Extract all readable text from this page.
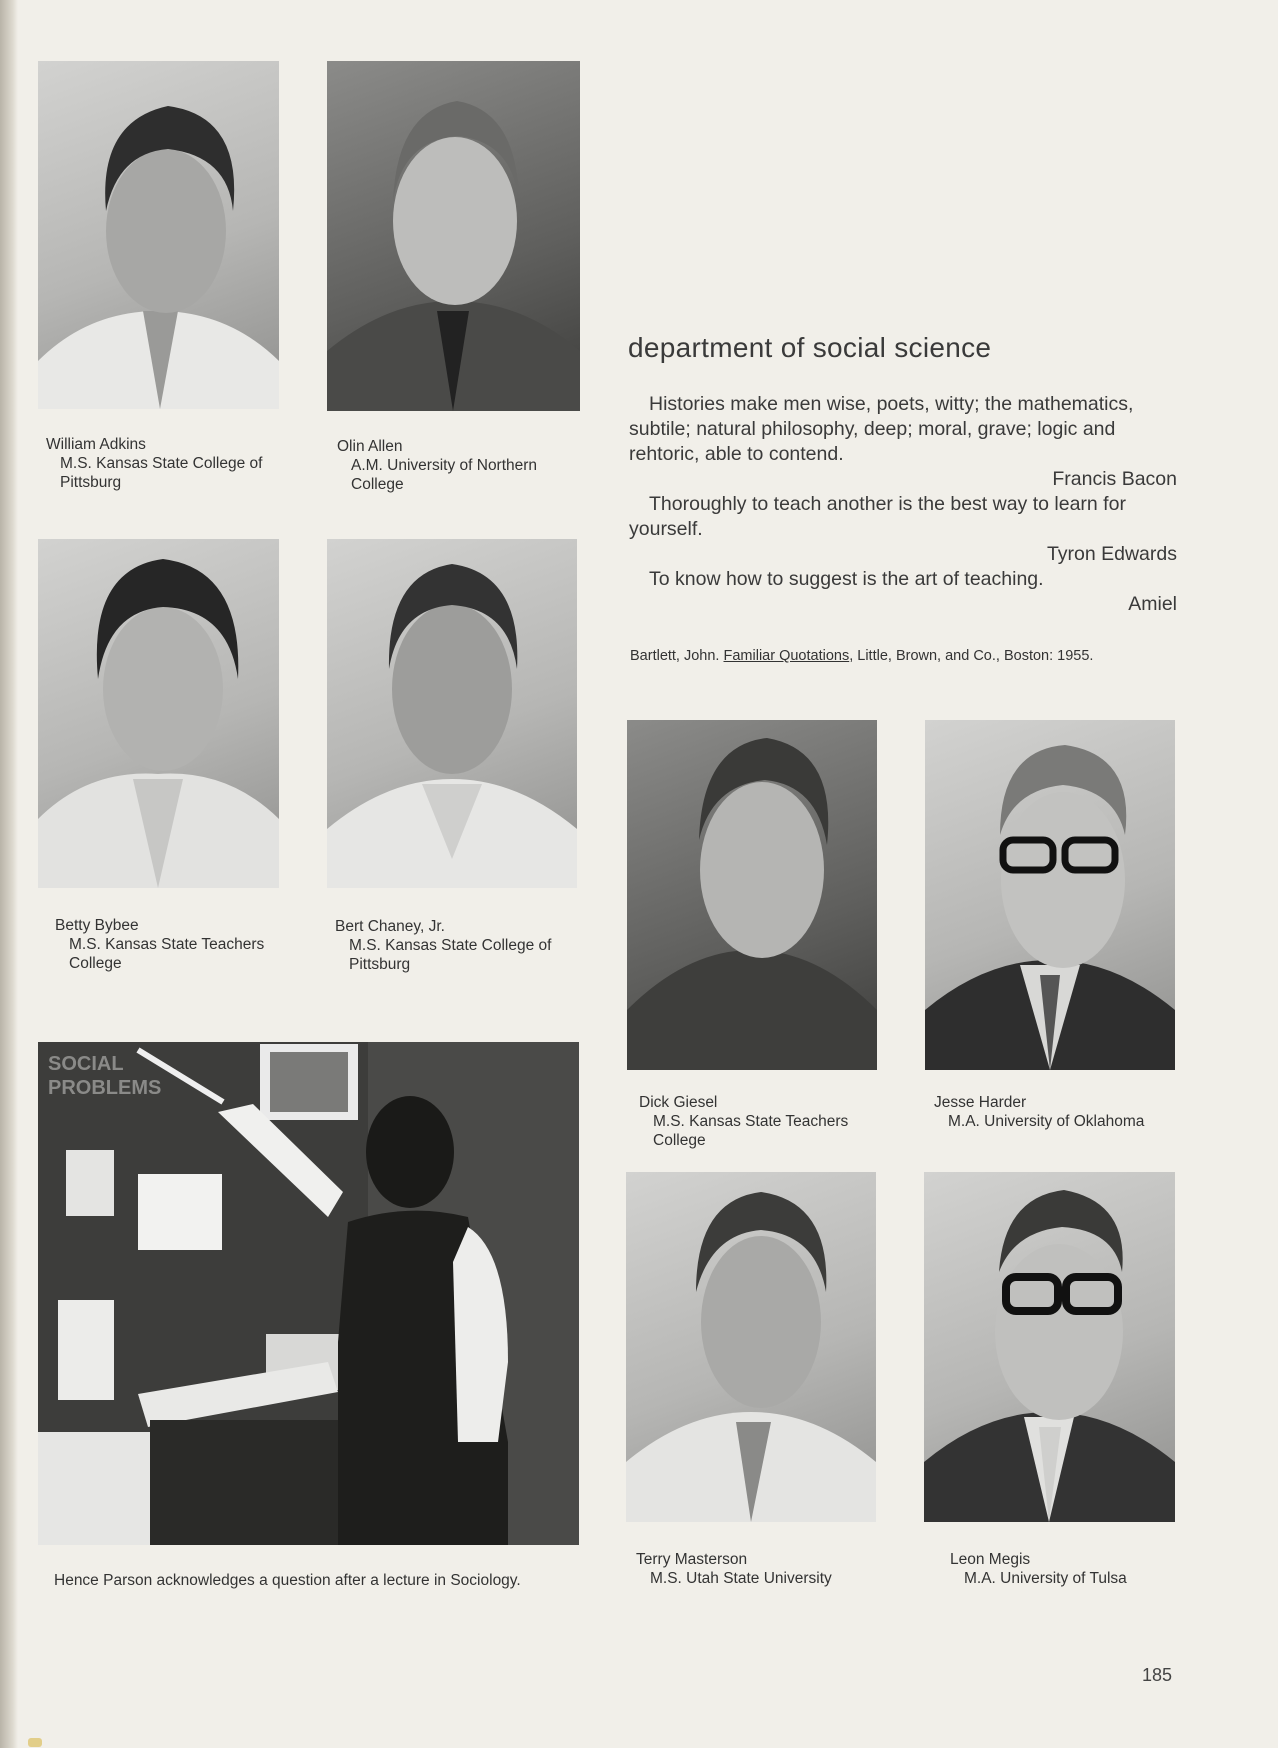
William Adkins
M.S. Kansas State College of
Pittsburg
Olin Allen
A.M. University of Northern
College
Betty Bybee
M.S. Kansas State Teachers
College
Bert Chaney, Jr.
M.S. Kansas State College of
Pittsburg
department of social science

Histories make men wise, poets, witty; the mathematics, subtile; natural philosophy, deep; moral, grave; logic and rehtoric, able to contend.

Francis Bacon

Thoroughly to teach another is the best way to learn for yourself.

Tyron Edwards

To know how to suggest is the art of teaching.

Amiel
Bartlett, John. Familiar Quotations, Little, Brown, and Co., Boston: 1955.
Dick Giesel
M.S. Kansas State Teachers
College
Jesse Harder
M.A. University of Oklahoma
Terry Masterson
M.S. Utah State University
Leon Megis
M.A. University of Tulsa
SOCIAL
PROBLEMS
Hence Parson acknowledges a question after a lecture in Sociology.
185
